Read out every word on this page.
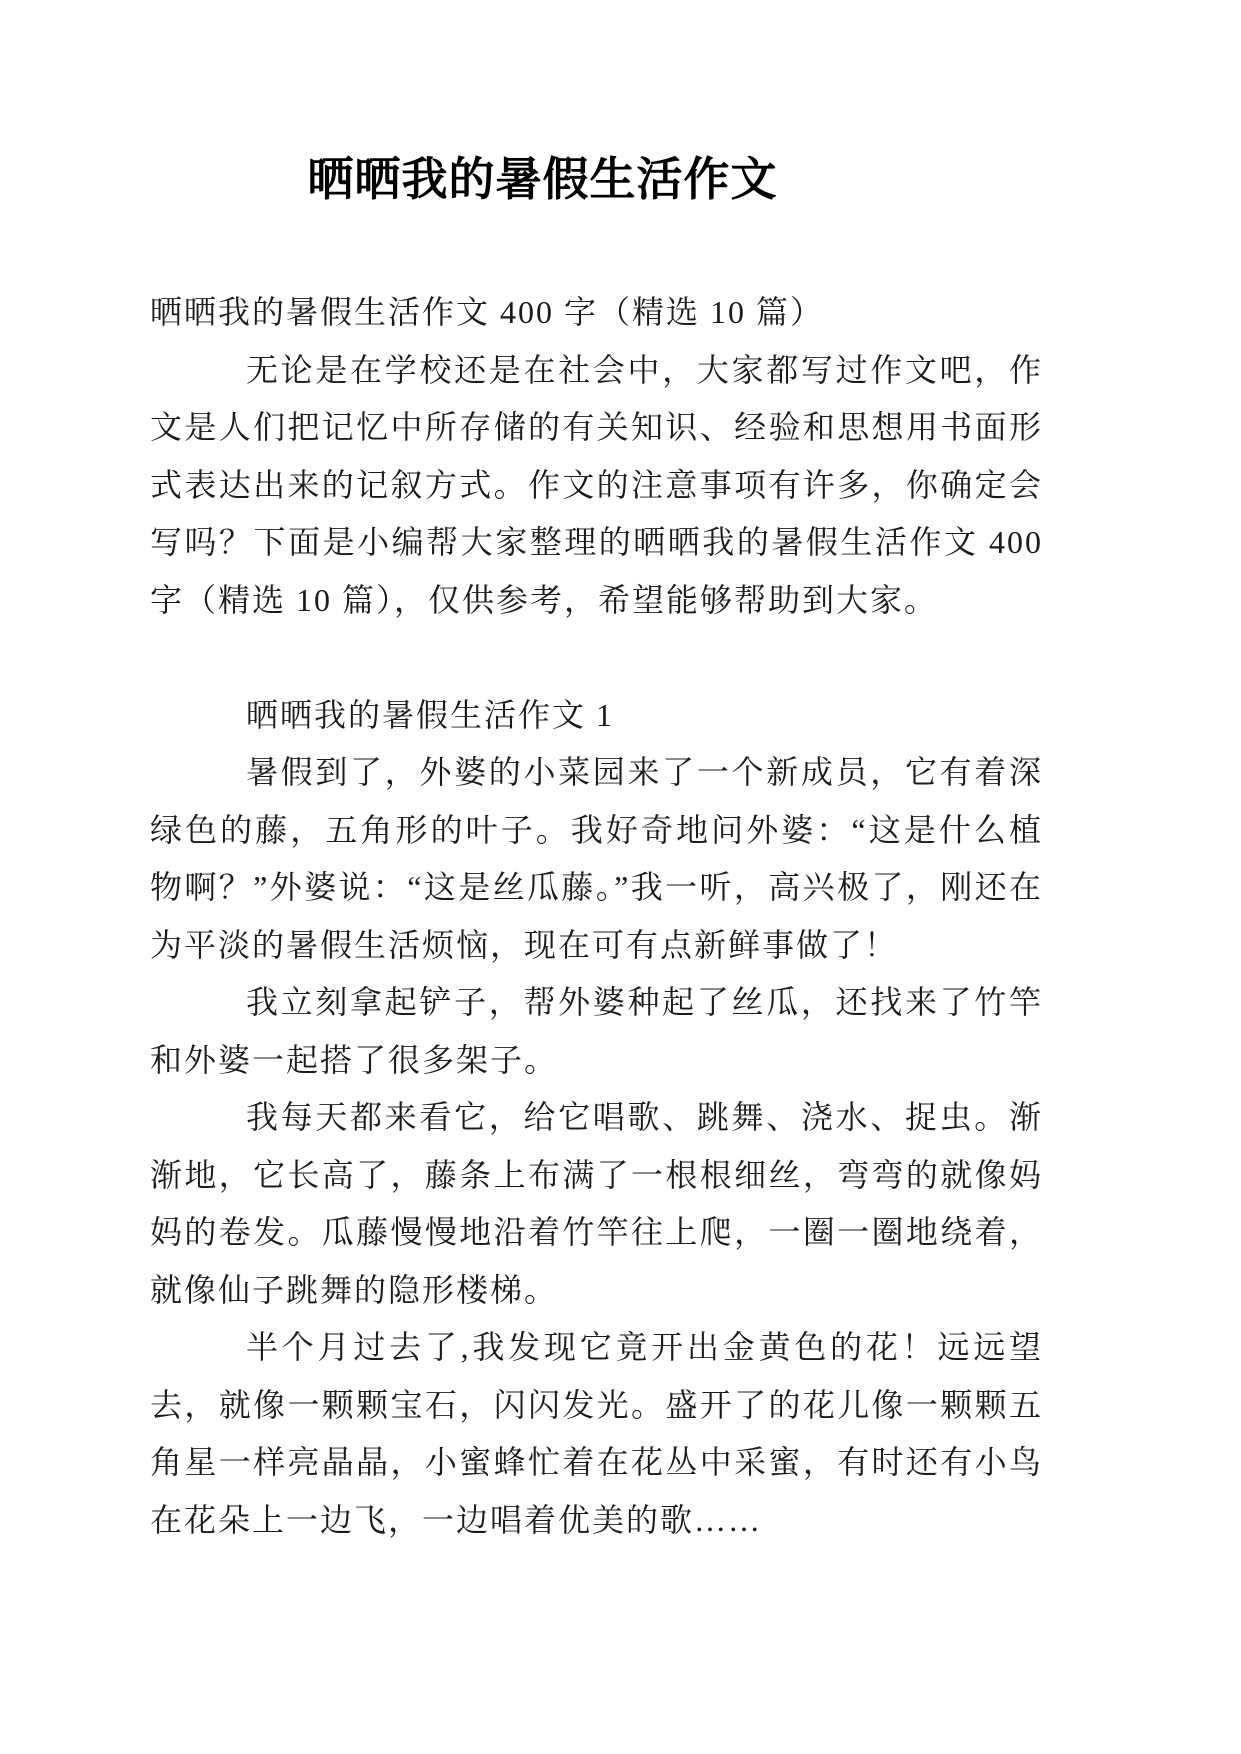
晒晒我的暑假生活作文

晒晒我的暑假生活作文 400 字（精选 10 篇）

无论是在学校还是在社会中，大家都写过作文吧，作文是人们把记忆中所存储的有关知识、经验和思想用书面形式表达出来的记叙方式。作文的注意事项有许多，你确定会写吗？下面是小编帮大家整理的晒晒我的暑假生活作文 400 字（精选 10 篇），仅供参考，希望能够帮助到大家。

晒晒我的暑假生活作文 1

暑假到了，外婆的小菜园来了一个新成员，它有着深绿色的藤，五角形的叶子。我好奇地问外婆：“这是什么植物啊？”外婆说：“这是丝瓜藤。”我一听，高兴极了，刚还在为平淡的暑假生活烦恼，现在可有点新鲜事做了！

我立刻拿起铲子，帮外婆种起了丝瓜，还找来了竹竿和外婆一起搭了很多架子。

我每天都来看它，给它唱歌、跳舞、浇水、捉虫。渐渐地，它长高了，藤条上布满了一根根细丝，弯弯的就像妈妈的卷发。瓜藤慢慢地沿着竹竿往上爬，一圈一圈地绕着，就像仙子跳舞的隐形楼梯。

半个月过去了,我发现它竟开出金黄色的花！远远望去，就像一颗颗宝石，闪闪发光。盛开了的花儿像一颗颗五角星一样亮晶晶，小蜜蜂忙着在花丛中采蜜，有时还有小鸟在花朵上一边飞，一边唱着优美的歌……
